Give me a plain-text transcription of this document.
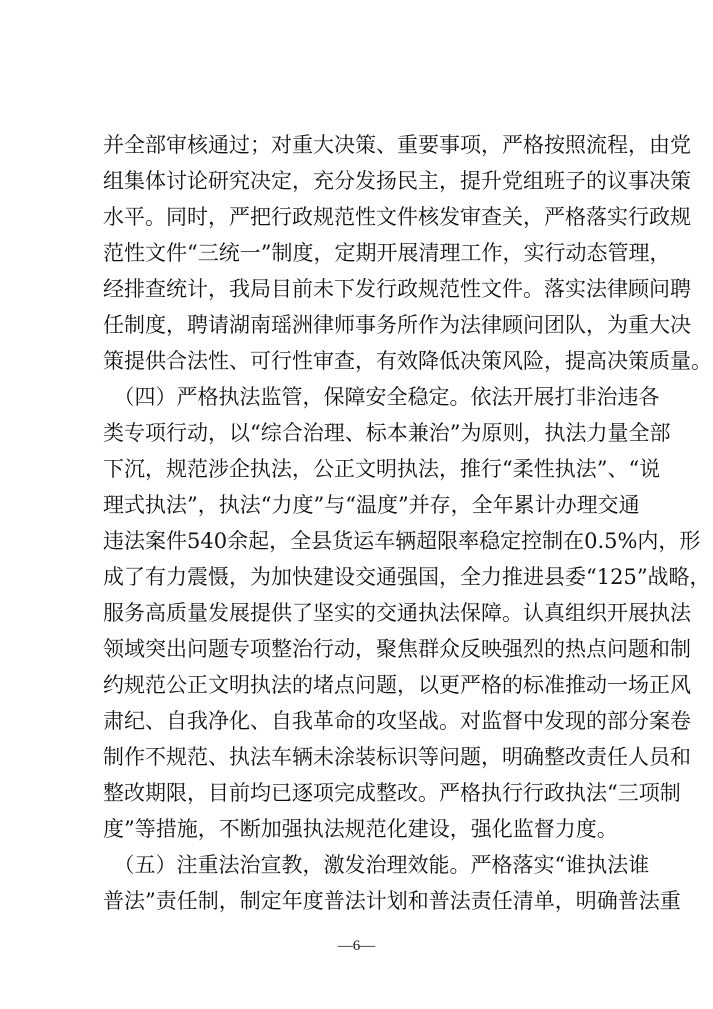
并全部审核通过；对重大决策、重要事项，严格按照流程，由党
组集体讨论研究决定，充分发扬民主，提升党组班子的议事决策
水平。同时，严把行政规范性文件核发审查关，严格落实行政规
范性文件“三统一”制度，定期开展清理工作，实行动态管理，
经排查统计，我局目前未下发行政规范性文件。落实法律顾问聘
任制度，聘请湖南瑶洲律师事务所作为法律顾问团队，为重大决
策提供合法性、可行性审查，有效降低决策风险，提高决策质量。
　（四）严格执法监管，保障安全稳定。依法开展打非治违各
类专项行动，以“综合治理、标本兼治”为原则，执法力量全部
下沉，规范涉企执法，公正文明执法，推行“柔性执法”、“说
理式执法”，执法“力度”与“温度”并存，全年累计办理交通
违法案件540余起，全县货运车辆超限率稳定控制在0.5%内，形
成了有力震慑，为加快建设交通强国，全力推进县委“125”战略，
服务高质量发展提供了坚实的交通执法保障。认真组织开展执法
领域突出问题专项整治行动，聚焦群众反映强烈的热点问题和制
约规范公正文明执法的堵点问题，以更严格的标准推动一场正风
肃纪、自我净化、自我革命的攻坚战。对监督中发现的部分案卷
制作不规范、执法车辆未涂装标识等问题，明确整改责任人员和
整改期限，目前均已逐项完成整改。严格执行行政执法“三项制
度”等措施，不断加强执法规范化建设，强化监督力度。
　（五）注重法治宣教，激发治理效能。严格落实“谁执法谁
普法”责任制，制定年度普法计划和普法责任清单，明确普法重
—6—
